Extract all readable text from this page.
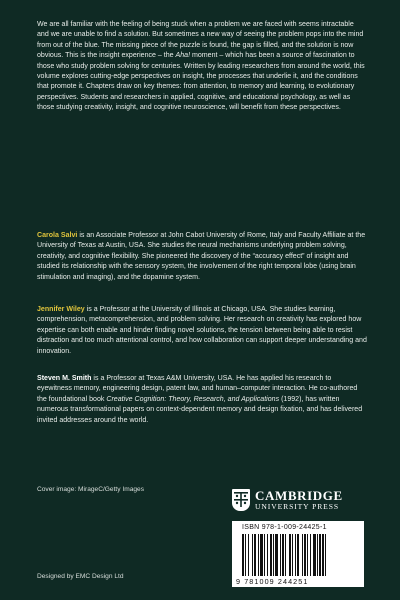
We are all familiar with the feeling of being stuck when a problem we are faced with seems intractable and we are unable to find a solution. But sometimes a new way of seeing the problem pops into the mind from out of the blue. The missing piece of the puzzle is found, the gap is filled, and the solution is now obvious. This is the insight experience – the Aha! moment – which has been a source of fascination to those who study problem solving for centuries. Written by leading researchers from around the world, this volume explores cutting-edge perspectives on insight, the processes that underlie it, and the conditions that promote it. Chapters draw on key themes: from attention, to memory and learning, to evolutionary perspectives. Students and researchers in applied, cognitive, and educational psychology, as well as those studying creativity, insight, and cognitive neuroscience, will benefit from these perspectives.

Carola Salvi is an Associate Professor at John Cabot University of Rome, Italy and Faculty Affiliate at the University of Texas at Austin, USA. She studies the neural mechanisms underlying problem solving, creativity, and cognitive flexibility. She pioneered the discovery of the “accuracy effect” of insight and studied its relationship with the sensory system, the involvement of the right temporal lobe (using brain stimulation and imaging), and the dopamine system.

Jennifer Wiley is a Professor at the University of Illinois at Chicago, USA. She studies learning, comprehension, metacomprehension, and problem solving. Her research on creativity has explored how expertise can both enable and hinder finding novel solutions, the tension between being able to resist distraction and too much attentional control, and how collaboration can support deeper understanding and innovation.

Steven M. Smith is a Professor at Texas A&M University, USA. He has applied his research to eyewitness memory, engineering design, patent law, and human–computer interaction. He co-authored the foundational book Creative Cognition: Theory, Research, and Applications (1992), has written numerous transformational papers on context-dependent memory and design fixation, and has delivered invited addresses around the world.

Cover image: MirageC/Getty Images	CAMBRIDGE
UNIVERSITY PRESS
ISBN 978-1-009-24425-1
9 781009 244251

Designed by EMC Design Ltd
